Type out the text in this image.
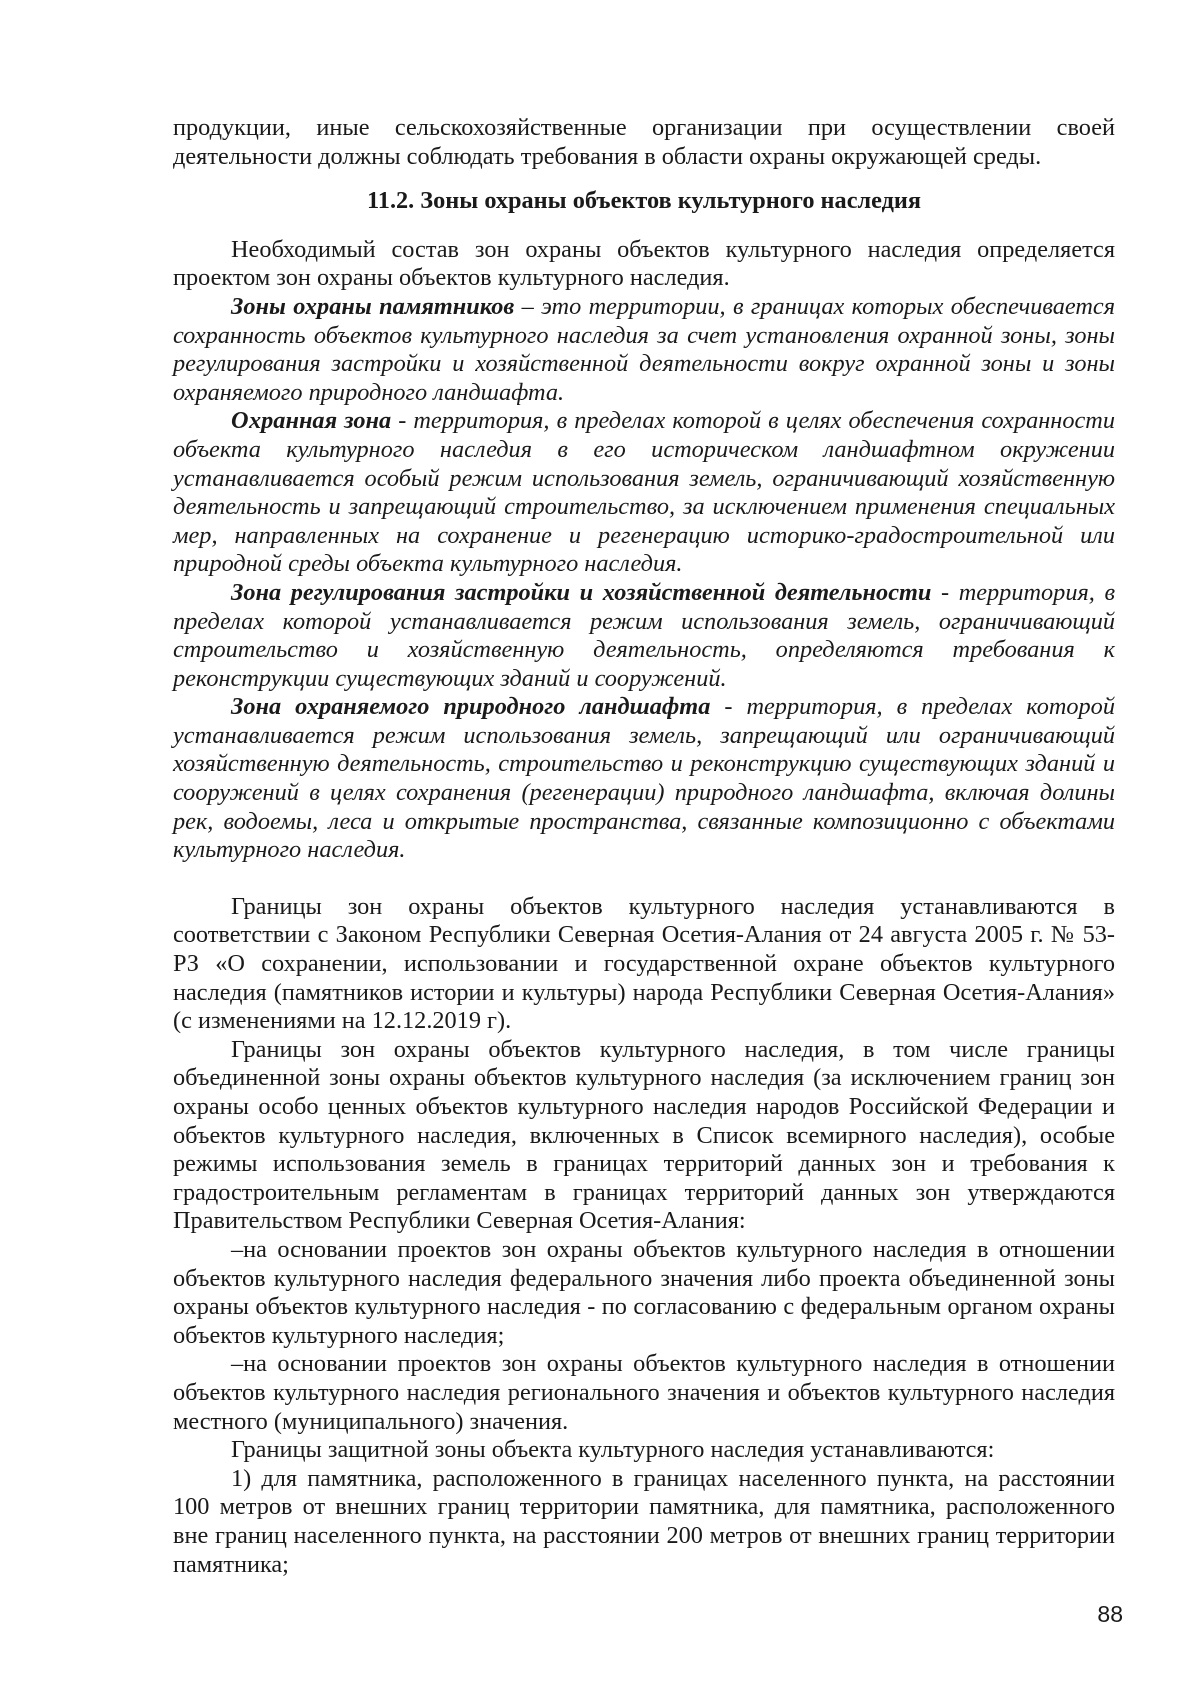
продукции, иные сельскохозяйственные организации при осуществлении своей деятельности должны соблюдать требования в области охраны окружающей среды.

11.2. Зоны охраны объектов культурного наследия

Необходимый состав зон охраны объектов культурного наследия определяется проектом зон охраны объектов культурного наследия.

Зоны охраны памятников – это территории, в границах которых обеспечивается сохранность объектов культурного наследия за счет установления охранной зоны, зоны регулирования застройки и хозяйственной деятельности вокруг охранной зоны и зоны охраняемого природного ландшафта.

Охранная зона - территория, в пределах которой в целях обеспечения сохранности объекта культурного наследия в его историческом ландшафтном окружении устанавливается особый режим использования земель, ограничивающий хозяйственную деятельность и запрещающий строительство, за исключением применения специальных мер, направленных на сохранение и регенерацию историко-градостроительной или природной среды объекта культурного наследия.

Зона регулирования застройки и хозяйственной деятельности - территория, в пределах которой устанавливается режим использования земель, ограничивающий строительство и хозяйственную деятельность, определяются требования к реконструкции существующих зданий и сооружений.

Зона охраняемого природного ландшафта - территория, в пределах которой устанавливается режим использования земель, запрещающий или ограничивающий хозяйственную деятельность, строительство и реконструкцию существующих зданий и сооружений в целях сохранения (регенерации) природного ландшафта, включая долины рек, водоемы, леса и открытые пространства, связанные композиционно с объектами культурного наследия.

Границы зон охраны объектов культурного наследия устанавливаются в соответствии с Законом Республики Северная Осетия-Алания от 24 августа 2005 г. № 53-РЗ «О сохранении, использовании и государственной охране объектов культурного наследия (памятников истории и культуры) народа Республики Северная Осетия-Алания» (с изменениями на 12.12.2019 г).

Границы зон охраны объектов культурного наследия, в том числе границы объединенной зоны охраны объектов культурного наследия (за исключением границ зон охраны особо ценных объектов культурного наследия народов Российской Федерации и объектов культурного наследия, включенных в Список всемирного наследия), особые режимы использования земель в границах территорий данных зон и требования к градостроительным регламентам в границах территорий данных зон утверждаются Правительством Республики Северная Осетия-Алания:

–на основании проектов зон охраны объектов культурного наследия в отношении объектов культурного наследия федерального значения либо проекта объединенной зоны охраны объектов культурного наследия - по согласованию с федеральным органом охраны объектов культурного наследия;

–на основании проектов зон охраны объектов культурного наследия в отношении объектов культурного наследия регионального значения и объектов культурного наследия местного (муниципального) значения.

Границы защитной зоны объекта культурного наследия устанавливаются:

1) для памятника, расположенного в границах населенного пункта, на расстоянии 100 метров от внешних границ территории памятника, для памятника, расположенного вне границ населенного пункта, на расстоянии 200 метров от внешних границ территории памятника;

88
